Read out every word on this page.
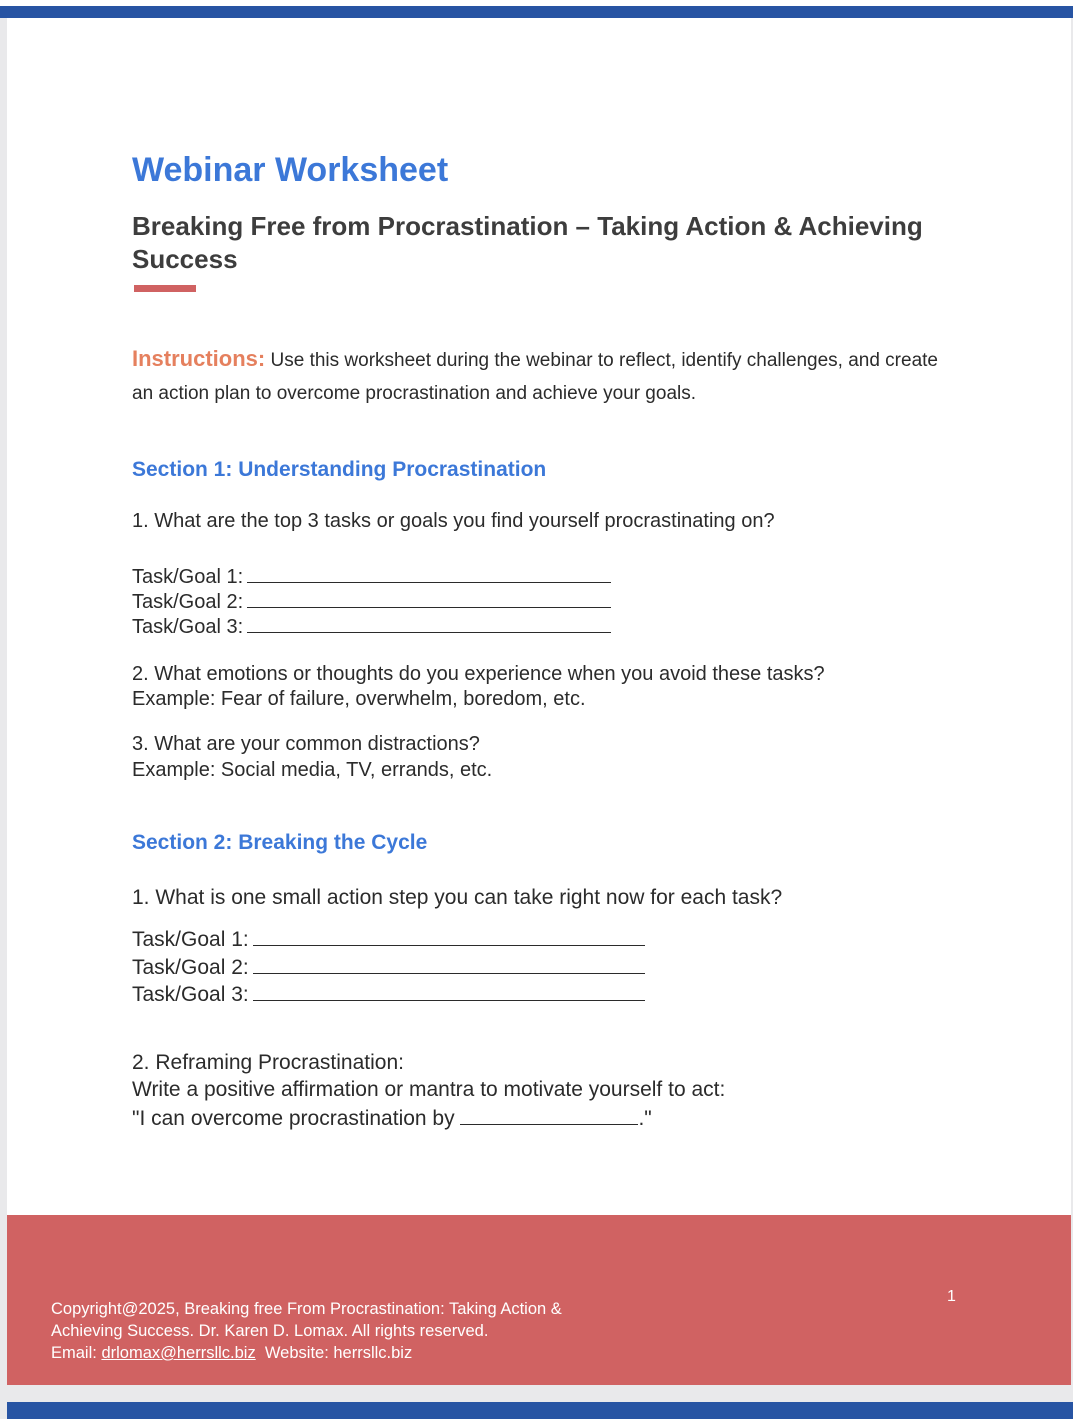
Webinar Worksheet
Breaking Free from Procrastination – Taking Action & Achieving Success

Instructions: Use this worksheet during the webinar to reflect, identify challenges, and create an action plan to overcome procrastination and achieve your goals.

Section 1: Understanding Procrastination

1. What are the top 3 tasks or goals you find yourself procrastinating on?

Task/Goal 1:
Task/Goal 2:
Task/Goal 3:

2. What emotions or thoughts do you experience when you avoid these tasks?

Example: Fear of failure, overwhelm, boredom, etc.

3. What are your common distractions?

Example: Social media, TV, errands, etc.

Section 2: Breaking the Cycle

1. What is one small action step you can take right now for each task?

Task/Goal 1:
Task/Goal 2:
Task/Goal 3:

2. Reframing Procrastination:

Write a positive affirmation or mantra to motivate yourself to act:

"I can overcome procrastination by	."

Copyright@2025, Breaking free From Procrastination: Taking Action &
Achieving Success. Dr. Karen D. Lomax. All rights reserved.
Email: drlomax@herrsllc.biz  Website: herrsllc.biz

1
